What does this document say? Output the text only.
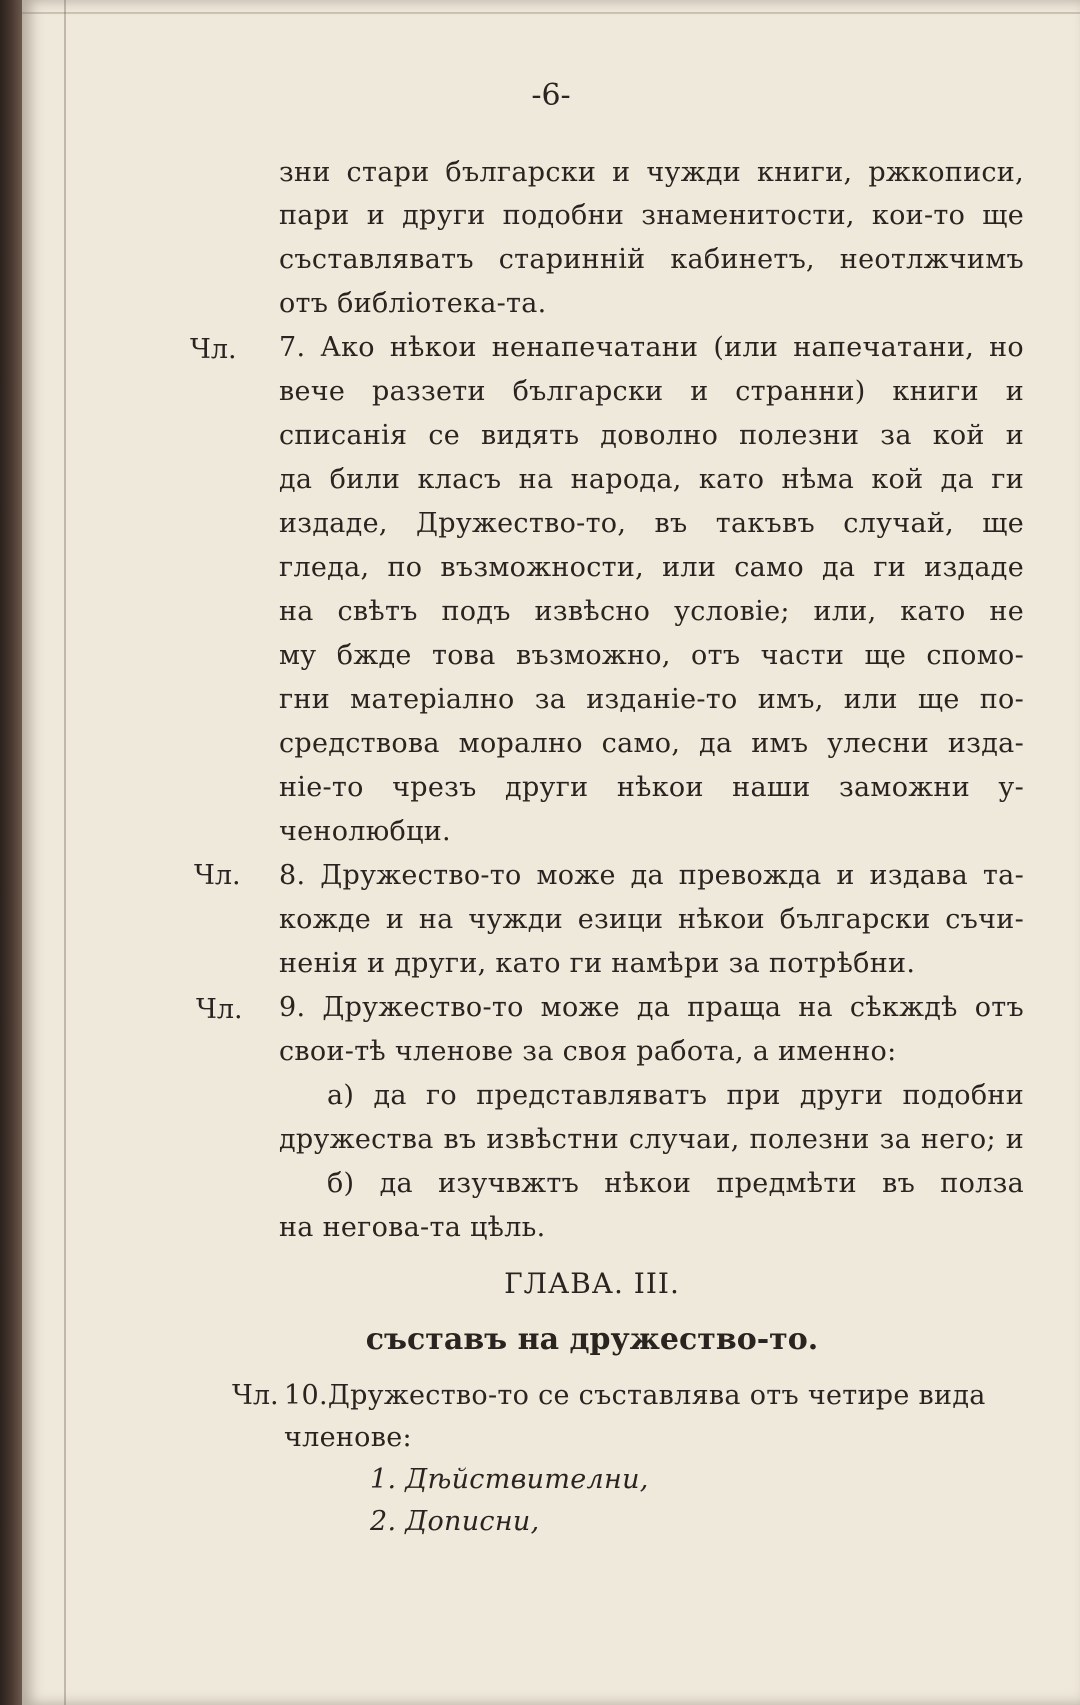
-6-
зни стари български и чужди книги, ржкописи,
пари и други подобни знаменитости, кои-то ще
съставляватъ старинній кабинетъ, неотлжчимъ
отъ библіотека-та.
Чл. 7. Ако нѣкои ненапечатани (или напечатани, но
вече раззети български и странни) книги и
списанія се видять доволно полезни за кой и
да били класъ на народа, като нѣма кой да ги
издаде, Дружество-то, въ такъвъ случай, ще
гледа, по възможности, или само да ги издаде
на свѣтъ подъ извѣсно условіе; или, като не
му бжде това възможно, отъ части ще спомо-
гни матеріално за изданіе-то имъ, или ще по-
средствова морално само, да имъ улесни изда-
ніе-то чрезъ други нѣкои наши заможни у-
ченолюбци.
Чл. 8. Дружество-то може да превожда и издава та-
кожде и на чужди езици нѣкои български съчи-
ненія и други, като ги намѣри за потрѣбни.
Чл. 9. Дружество-то може да праща на сѣкждѣ отъ
свои-тѣ членове за своя работа, а именно:
а) да го представляватъ при други подобни
дружества въ извѣстни случаи, полезни за него; и
б) да изучвжтъ нѣкои предмѣти въ полза
на негова-та цѣль.
ГЛАВА. III.
съставъ на дружество-то.
Чл. 10.Дружество-то се съставлява отъ четире вида
членове:
1. Дѣйствителни,
2. Дописни,
